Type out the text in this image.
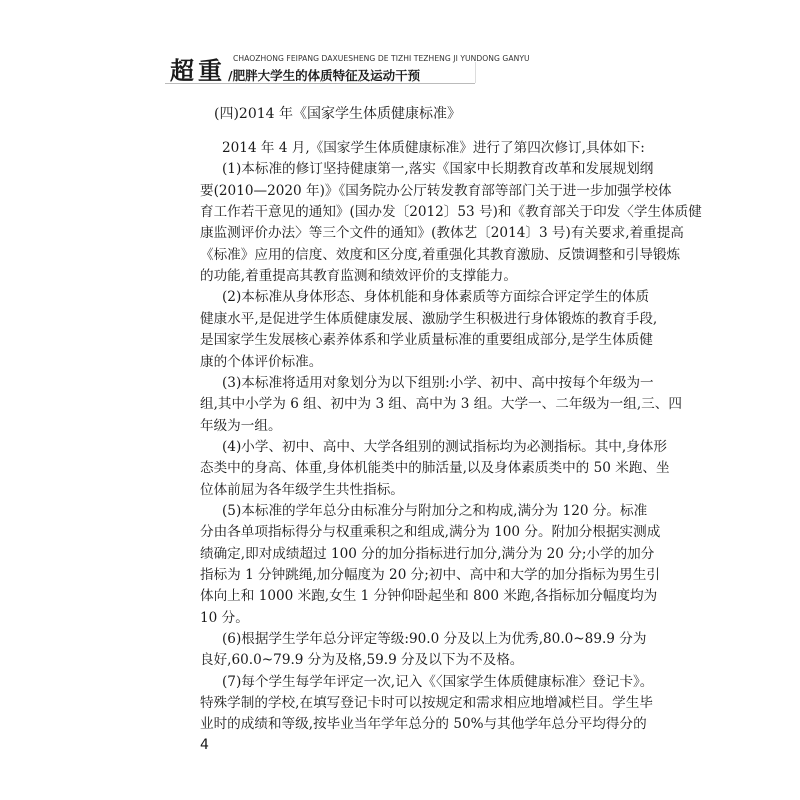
超重 CHAOZHONG FEIPANG DAXUESHENG DE TIZHI TEZHENG JI YUNDONG GANYU
/肥胖大学生的体质特征及运动干预
(四)2014 年《国家学生体质健康标准》
2014 年 4 月,《国家学生体质健康标准》进行了第四次修订,具体如下:
(1)本标准的修订坚持健康第一,落实《国家中长期教育改革和发展规划纲
要(2010—2020 年)》《国务院办公厅转发教育部等部门关于进一步加强学校体
育工作若干意见的通知》(国办发〔2012〕53 号)和《教育部关于印发〈学生体质健
康监测评价办法〉等三个文件的通知》(教体艺〔2014〕3 号)有关要求,着重提高
《标准》应用的信度、效度和区分度,着重强化其教育激励、反馈调整和引导锻炼
的功能,着重提高其教育监测和绩效评价的支撑能力。
(2)本标准从身体形态、身体机能和身体素质等方面综合评定学生的体质
健康水平,是促进学生体质健康发展、激励学生积极进行身体锻炼的教育手段,
是国家学生发展核心素养体系和学业质量标准的重要组成部分,是学生体质健
康的个体评价标准。
(3)本标准将适用对象划分为以下组别:小学、初中、高中按每个年级为一
组,其中小学为 6 组、初中为 3 组、高中为 3 组。大学一、二年级为一组,三、四
年级为一组。
(4)小学、初中、高中、大学各组别的测试指标均为必测指标。其中,身体形
态类中的身高、体重,身体机能类中的肺活量,以及身体素质类中的 50 米跑、坐
位体前屈为各年级学生共性指标。
(5)本标准的学年总分由标准分与附加分之和构成,满分为 120 分。标准
分由各单项指标得分与权重乘积之和组成,满分为 100 分。附加分根据实测成
绩确定,即对成绩超过 100 分的加分指标进行加分,满分为 20 分;小学的加分
指标为 1 分钟跳绳,加分幅度为 20 分;初中、高中和大学的加分指标为男生引
体向上和 1000 米跑,女生 1 分钟仰卧起坐和 800 米跑,各指标加分幅度均为
10 分。
(6)根据学生学年总分评定等级:90.0 分及以上为优秀,80.0~89.9 分为
良好,60.0~79.9 分为及格,59.9 分及以下为不及格。
(7)每个学生每学年评定一次,记入《〈国家学生体质健康标准〉登记卡》。
特殊学制的学校,在填写登记卡时可以按规定和需求相应地增减栏目。学生毕
业时的成绩和等级,按毕业当年学年总分的 50%与其他学年总分平均得分的
4
